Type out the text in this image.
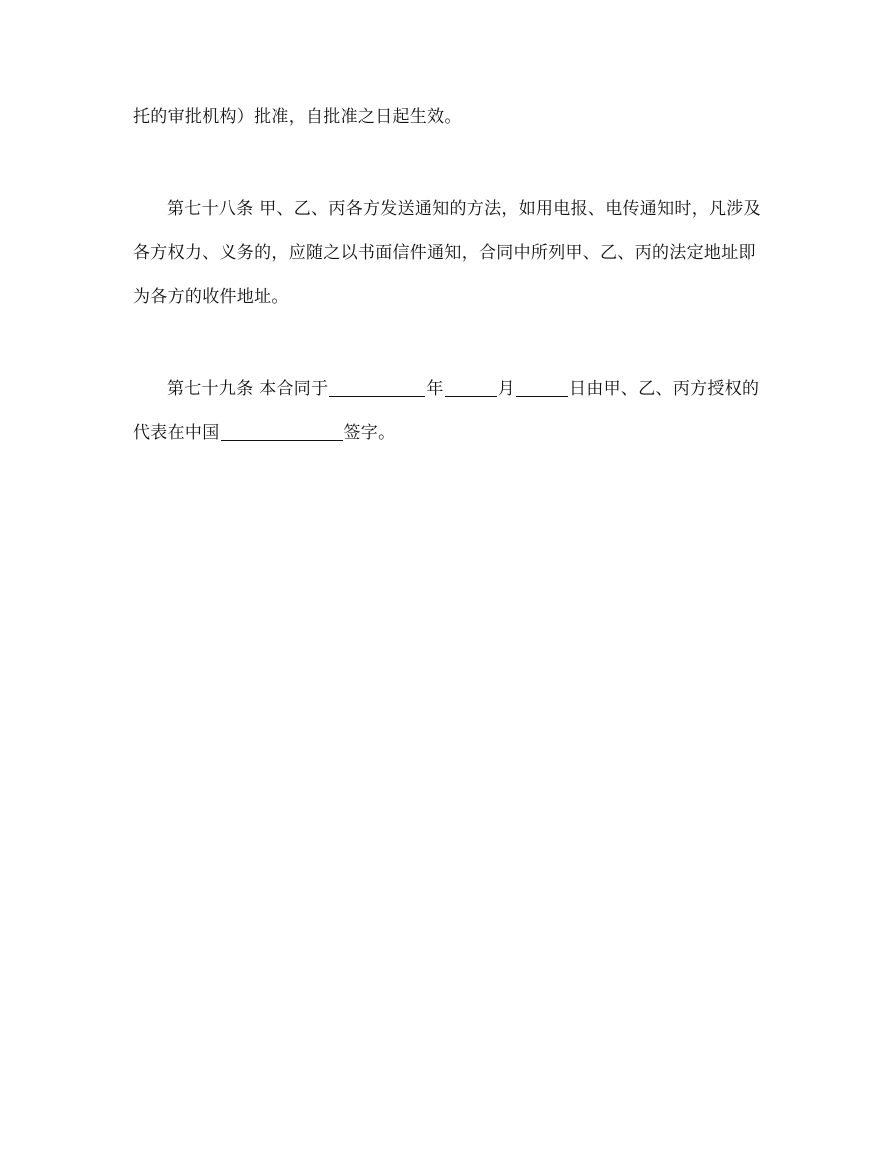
托的审批机构）批准，自批准之日起生效。
第七十八条 甲、乙、丙各方发送通知的方法，如用电报、电传通知时，凡涉及
各方权力、义务的，应随之以书面信件通知，合同中所列甲、乙、丙的法定地址即
为各方的收件地址。
第七十九条 本合同于	年	月	日由甲、乙、丙方授权的
代表在中国	签字。
